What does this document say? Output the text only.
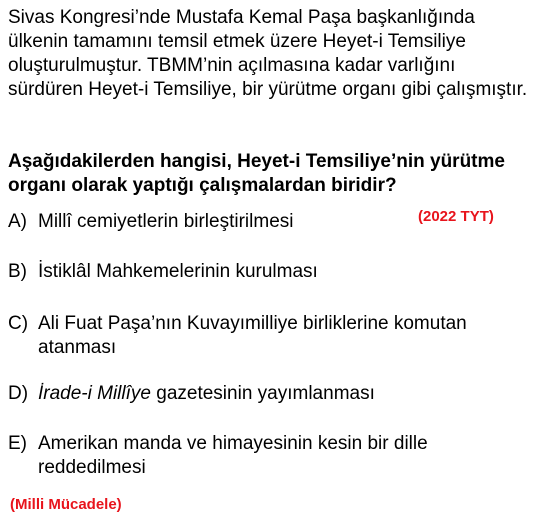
Sivas Kongresi’nde Mustafa Kemal Paşa başkanlığında ülkenin tamamını temsil etmek üzere Heyet-i Temsiliye oluşturulmuştur. TBMM’nin açılmasına kadar varlığını sürdüren Heyet-i Temsiliye, bir yürütme organı gibi çalışmıştır.

Aşağıdakilerden hangisi, Heyet-i Temsiliye’nin yürütme organı olarak yaptığı çalışmalardan biridir?

(2022 TYT)
A) Millî cemiyetlerin birleştirilmesi
B) İstiklâl Mahkemelerinin kurulması
C) Ali Fuat Paşa’nın Kuvayımilliye birliklerine komutan atanması
D) İrade-i Millîye gazetesinin yayımlanması
E) Amerikan manda ve himayesinin kesin bir dille reddedilmesi
(Milli Mücadele)
